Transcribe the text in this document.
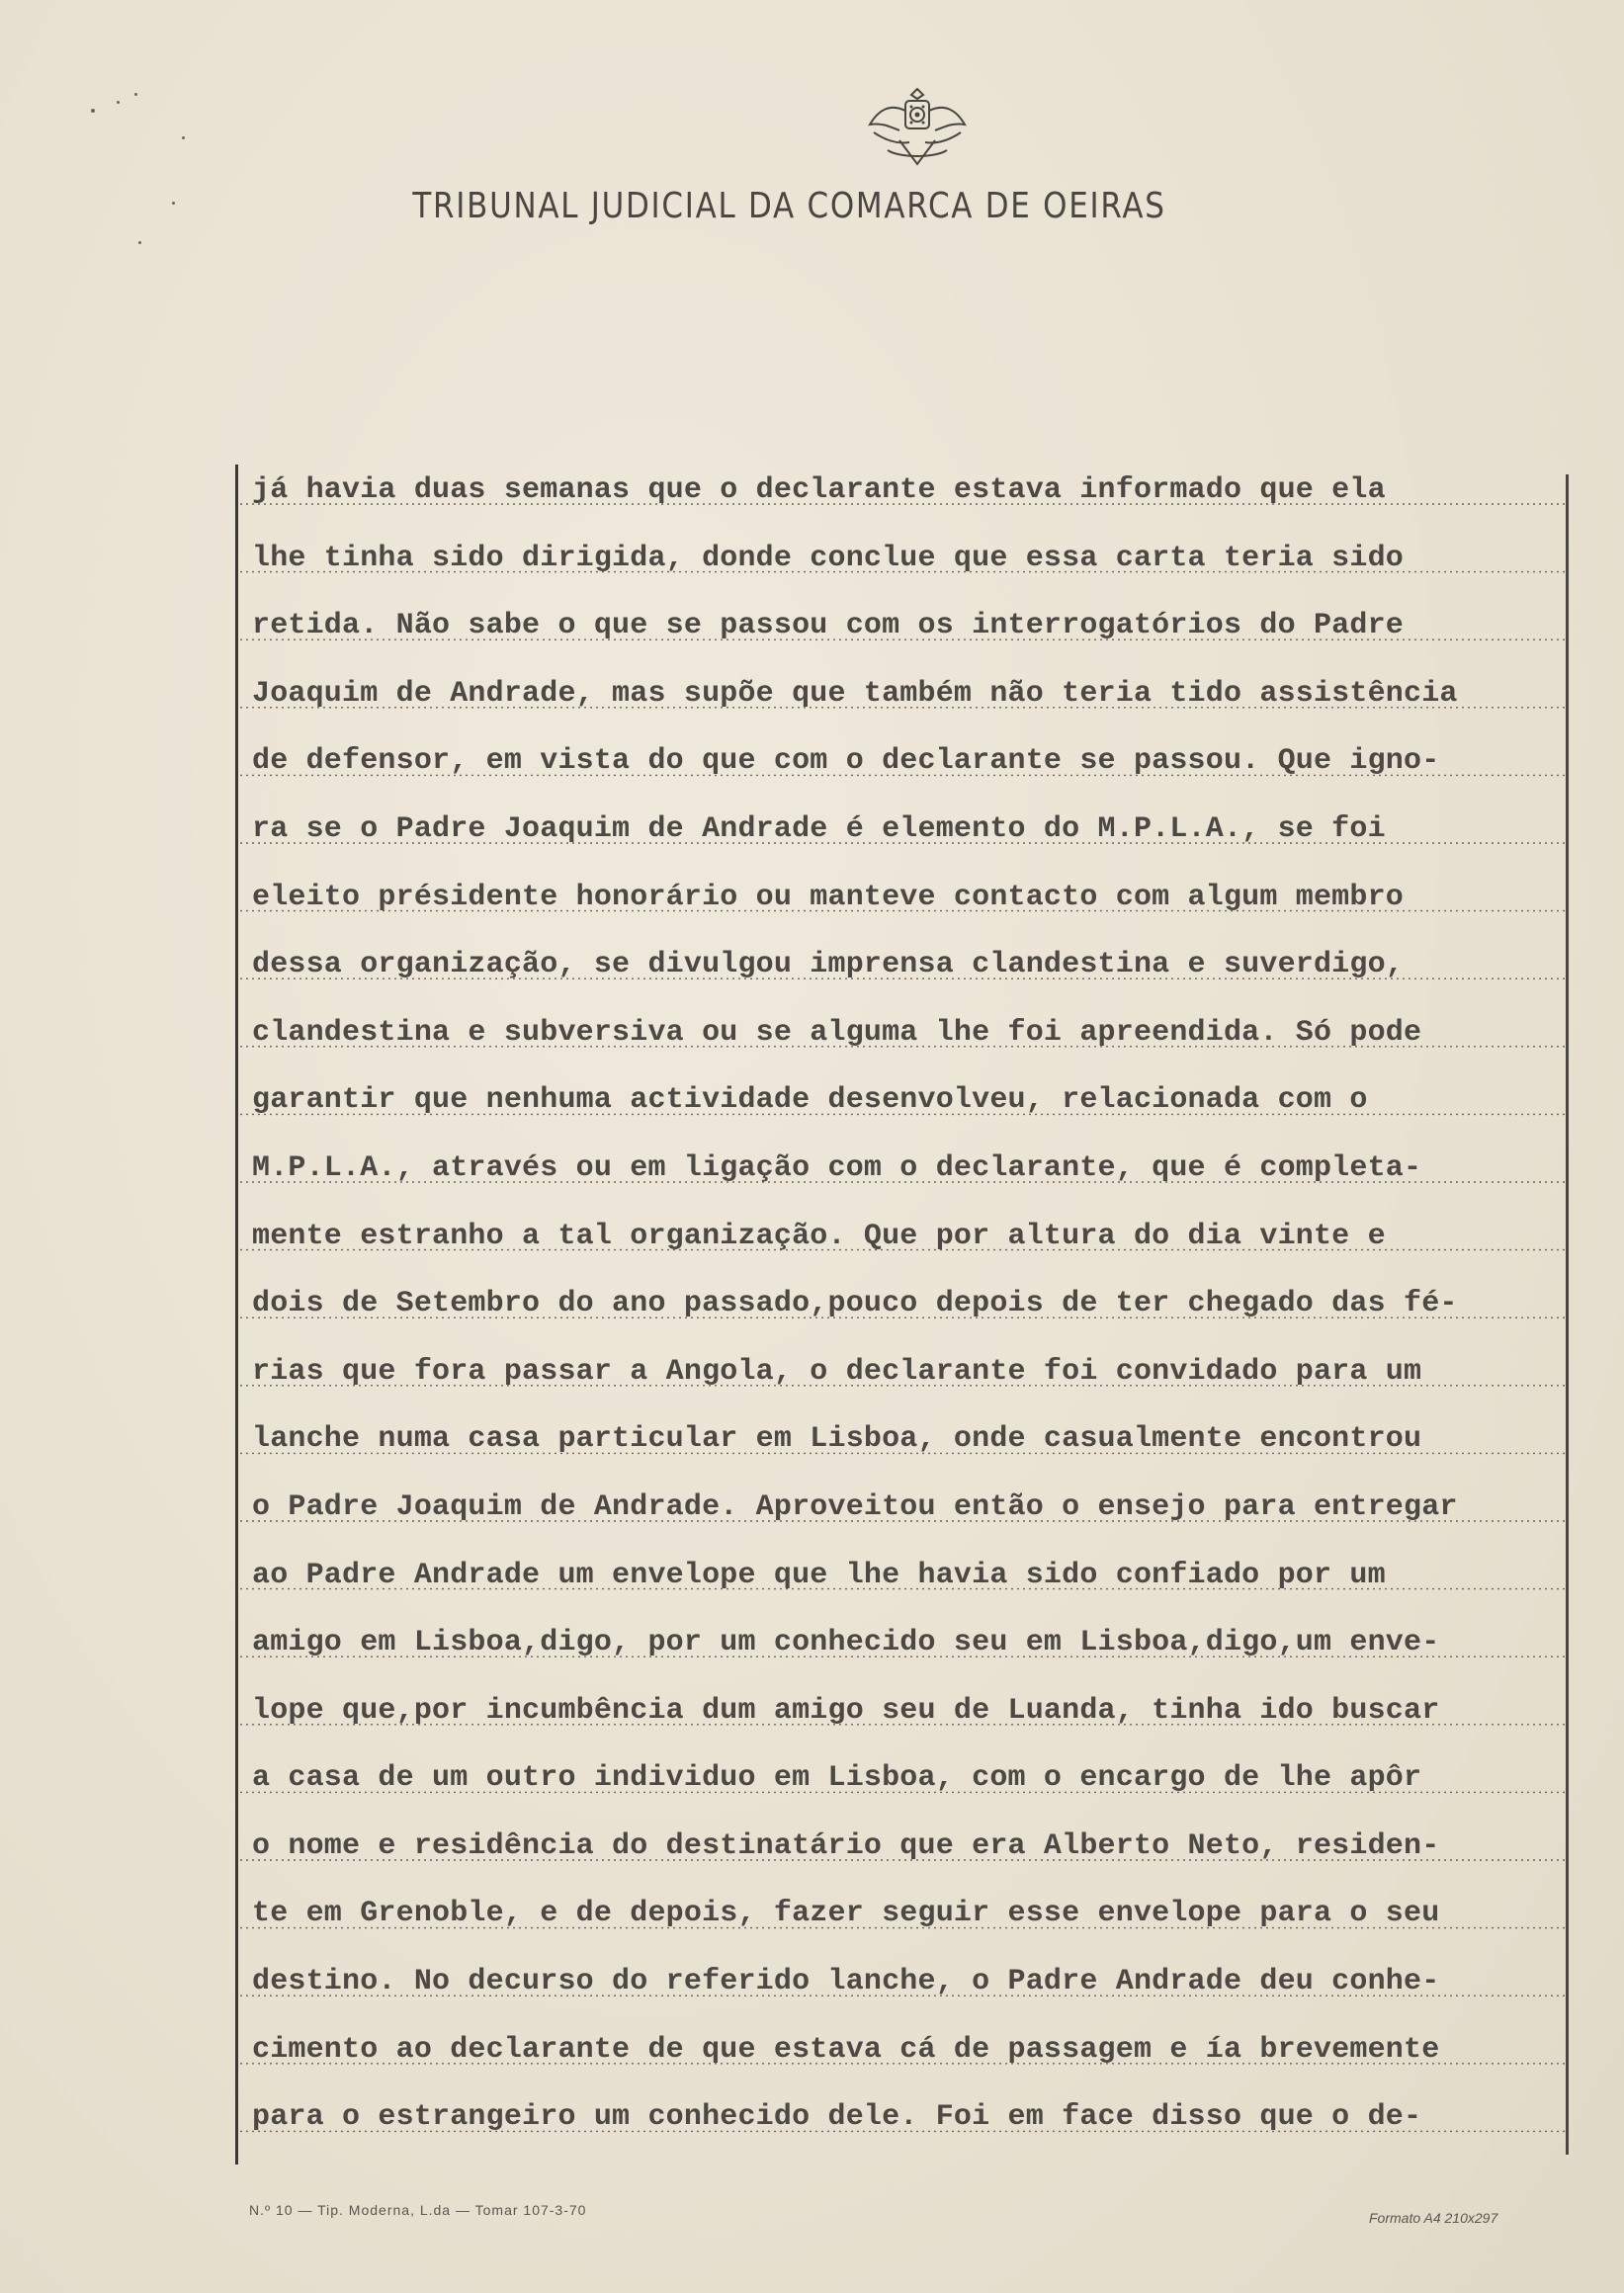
TRIBUNAL JUDICIAL DA COMARCA DE OEIRAS
já havia duas semanas que o declarante estava informado que ela
lhe tinha sido dirigida, donde conclue que essa carta teria sido
retida. Não sabe o que se passou com os interrogatórios do Padre
Joaquim de Andrade, mas supõe que também não teria tido assistência
de defensor, em vista do que com o declarante se passou. Que igno-
ra se o Padre Joaquim de Andrade é elemento do M.P.L.A., se foi
eleito présidente honorário ou manteve contacto com algum membro
dessa organização, se divulgou imprensa clandestina e suverdigo,
clandestina e subversiva ou se alguma lhe foi apreendida. Só pode
garantir que nenhuma actividade desenvolveu, relacionada com o
M.P.L.A., através ou em ligação com o declarante, que é completa-
mente estranho a tal organização. Que por altura do dia vinte e
dois de Setembro do ano passado,pouco depois de ter chegado das fé-
rias que fora passar a Angola, o declarante foi convidado para um
lanche numa casa particular em Lisboa, onde casualmente encontrou
o Padre Joaquim de Andrade. Aproveitou então o ensejo para entregar
ao Padre Andrade um envelope que lhe havia sido confiado por um
amigo em Lisboa,digo, por um conhecido seu em Lisboa,digo,um enve-
lope que,por incumbência dum amigo seu de Luanda, tinha ido buscar
a casa de um outro individuo em Lisboa, com o encargo de lhe apôr
o nome e residência do destinatário que era Alberto Neto, residen-
te em Grenoble, e de depois, fazer seguir esse envelope para o seu
destino. No decurso do referido lanche, o Padre Andrade deu conhe-
cimento ao declarante de que estava cá de passagem e ía brevemente
para o estrangeiro um conhecido dele. Foi em face disso que o de-
N.º 10 — Tip. Moderna, L.da — Tomar 107-3-70	Formato A4 210x297
